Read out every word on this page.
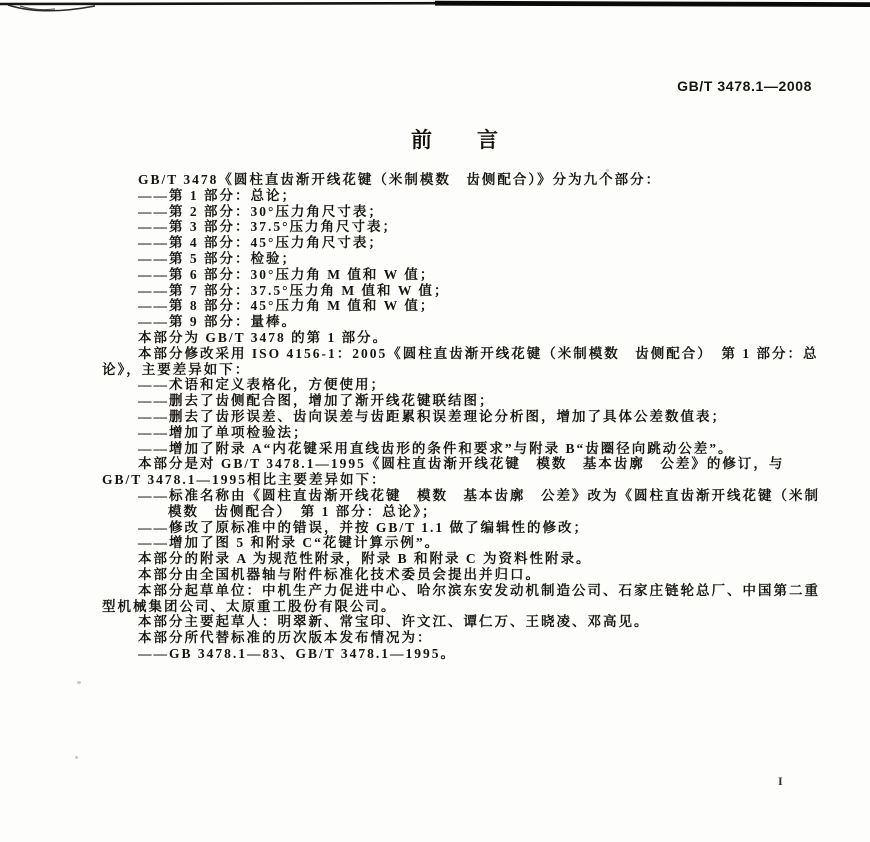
GB/T 3478.1—2008
前　　言
GB/T 3478《圆柱直齿渐开线花键（米制模数　齿侧配合）》分为九个部分：
——第 1 部分：总论；
——第 2 部分：30°压力角尺寸表；
——第 3 部分：37.5°压力角尺寸表；
——第 4 部分：45°压力角尺寸表；
——第 5 部分：检验；
——第 6 部分：30°压力角 M 值和 W 值；
——第 7 部分：37.5°压力角 M 值和 W 值；
——第 8 部分：45°压力角 M 值和 W 值；
——第 9 部分：量棒。
本部分为 GB/T 3478 的第 1 部分。
本部分修改采用 ISO 4156-1：2005《圆柱直齿渐开线花键（米制模数　齿侧配合）　第 1 部分：总
论》，主要差异如下：
——术语和定义表格化，方便使用；
——删去了齿侧配合图，增加了渐开线花键联结图；
——删去了齿形误差、齿向误差与齿距累积误差理论分析图，增加了具体公差数值表；
——增加了单项检验法；
——增加了附录 A“内花键采用直线齿形的条件和要求”与附录 B“齿圈径向跳动公差”。
本部分是对 GB/T 3478.1—1995《圆柱直齿渐开线花键　模数　基本齿廓　公差》的修订，与
GB/T 3478.1—1995相比主要差异如下：
——标准名称由《圆柱直齿渐开线花键　模数　基本齿廓　公差》改为《圆柱直齿渐开线花键（米制
模数　齿侧配合）　第 1 部分：总论》；
——修改了原标准中的错误，并按 GB/T 1.1 做了编辑性的修改；
——增加了图 5 和附录 C“花键计算示例”。
本部分的附录 A 为规范性附录，附录 B 和附录 C 为资料性附录。
本部分由全国机器轴与附件标准化技术委员会提出并归口。
本部分起草单位：中机生产力促进中心、哈尔滨东安发动机制造公司、石家庄链轮总厂、中国第二重
型机械集团公司、太原重工股份有限公司。
本部分主要起草人：明翠新、常宝印、许文江、谭仁万、王晓凌、邓高见。
本部分所代替标准的历次版本发布情况为：
——GB 3478.1—83、GB/T 3478.1—1995。
I
